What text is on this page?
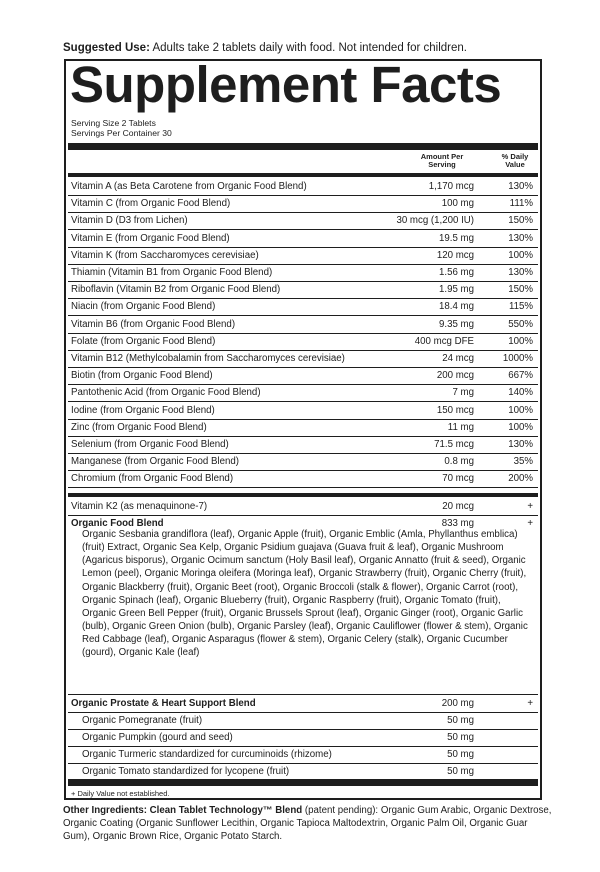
Suggested Use: Adults take 2 tablets daily with food. Not intended for children.
Supplement Facts
Serving Size 2 Tablets
Servings Per Container 30
Amount Per
Serving
% Daily
Value
Vitamin A (as Beta Carotene from Organic Food Blend)	1,170 mcg	130%
Vitamin C (from Organic Food Blend)	100 mg	111%
Vitamin D (D3 from Lichen)	30 mcg (1,200 IU)	150%
Vitamin E (from Organic Food Blend)	19.5 mg	130%
Vitamin K (from Saccharomyces cerevisiae)	120 mcg	100%
Thiamin (Vitamin B1 from Organic Food Blend)	1.56 mg	130%
Riboflavin (Vitamin B2 from Organic Food Blend)	1.95 mg	150%
Niacin (from Organic Food Blend)	18.4 mg	115%
Vitamin B6 (from Organic Food Blend)	9.35 mg	550%
Folate (from Organic Food Blend)	400 mcg DFE	100%
Vitamin B12 (Methylcobalamin from Saccharomyces cerevisiae)	24 mcg	1000%
Biotin (from Organic Food Blend)	200 mcg	667%
Pantothenic Acid (from Organic Food Blend)	7 mg	140%
Iodine (from Organic Food Blend)	150 mcg	100%
Zinc (from Organic Food Blend)	11 mg	100%
Selenium (from Organic Food Blend)	71.5 mcg	130%
Manganese (from Organic Food Blend)	0.8 mg	35%
Chromium (from Organic Food Blend)	70 mcg	200%
Vitamin K2 (as menaquinone-7)	20 mcg	+
Organic Food Blend	833 mg	+
Organic Sesbania grandiflora (leaf), Organic Apple (fruit), Organic Emblic (Amla, Phyllanthus emblica) (fruit) Extract, Organic Sea Kelp, Organic Psidium guajava (Guava fruit & leaf), Organic Mushroom (Agaricus bisporus), Organic Ocimum sanctum (Holy Basil leaf), Organic Annatto (fruit & seed), Organic Lemon (peel), Organic Moringa oleifera (Moringa leaf), Organic Strawberry (fruit), Organic Cherry (fruit), Organic Blackberry (fruit), Organic Beet (root), Organic Broccoli (stalk & flower), Organic Carrot (root), Organic Spinach (leaf), Organic Blueberry (fruit), Organic Raspberry (fruit), Organic Tomato (fruit), Organic Green Bell Pepper (fruit), Organic Brussels Sprout (leaf), Organic Ginger (root), Organic Garlic (bulb), Organic Green Onion (bulb), Organic Parsley (leaf), Organic Cauliflower (flower & stem), Organic Red Cabbage (leaf), Organic Asparagus (flower & stem), Organic Celery (stalk), Organic Cucumber (gourd), Organic Kale (leaf)
Organic Prostate & Heart Support Blend	200 mg	+
Organic Pomegranate (fruit)	50 mg
Organic Pumpkin (gourd and seed)	50 mg
Organic Turmeric standardized for curcuminoids (rhizome)	50 mg
Organic Tomato standardized for lycopene (fruit)	50 mg
+ Daily Value not established.
Other Ingredients: Clean Tablet Technology™ Blend (patent pending): Organic Gum Arabic, Organic Dextrose, Organic Coating (Organic Sunflower Lecithin, Organic Tapioca Maltodextrin, Organic Palm Oil, Organic Guar Gum), Organic Brown Rice, Organic Potato Starch.
